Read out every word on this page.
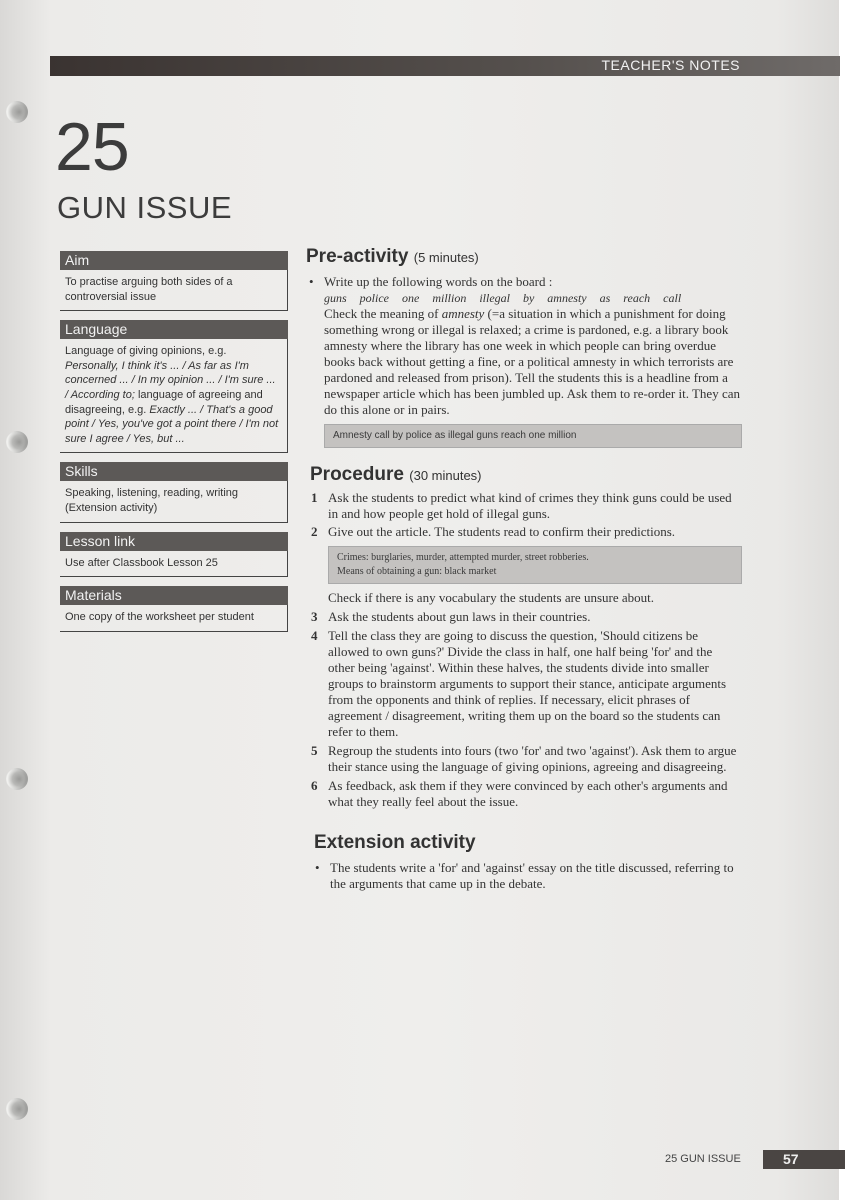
TEACHER'S NOTES
25
GUN ISSUE
Aim
To practise arguing both sides of a controversial issue
Language
Language of giving opinions, e.g. Personally, I think it's ... / As far as I'm concerned ... / In my opinion ... / I'm sure ... / According to; language of agreeing and disagreeing, e.g. Exactly ... / That's a good point / Yes, you've got a point there / I'm not sure I agree / Yes, but ...
Skills
Speaking, listening, reading, writing (Extension activity)
Lesson link
Use after Classbook Lesson 25
Materials
One copy of the worksheet per student
Pre-activity (5 minutes)
• Write up the following words on the board :
guns police one million illegal by amnesty as reach call
Check the meaning of amnesty (=a situation in which a punishment for doing something wrong or illegal is relaxed; a crime is pardoned, e.g. a library book amnesty where the library has one week in which people can bring overdue books back without getting a fine, or a political amnesty in which terrorists are pardoned and released from prison). Tell the students this is a headline from a newspaper article which has been jumbled up. Ask them to re-order it. They can do this alone or in pairs.
Amnesty call by police as illegal guns reach one million
Procedure (30 minutes)
1 Ask the students to predict what kind of crimes they think guns could be used in and how people get hold of illegal guns.
2 Give out the article. The students read to confirm their predictions.
Crimes: burglaries, murder, attempted murder, street robberies.
Means of obtaining a gun: black market
Check if there is any vocabulary the students are unsure about.
3 Ask the students about gun laws in their countries.
4 Tell the class they are going to discuss the question, 'Should citizens be allowed to own guns?' Divide the class in half, one half being 'for' and the other being 'against'. Within these halves, the students divide into smaller groups to brainstorm arguments to support their stance, anticipate arguments from the opponents and think of replies. If necessary, elicit phrases of agreement / disagreement, writing them up on the board so the students can refer to them.
5 Regroup the students into fours (two 'for' and two 'against'). Ask them to argue their stance using the language of giving opinions, agreeing and disagreeing.
6 As feedback, ask them if they were convinced by each other's arguments and what they really feel about the issue.
Extension activity
• The students write a 'for' and 'against' essay on the title discussed, referring to the arguments that came up in the debate.
25 GUN ISSUE	57
